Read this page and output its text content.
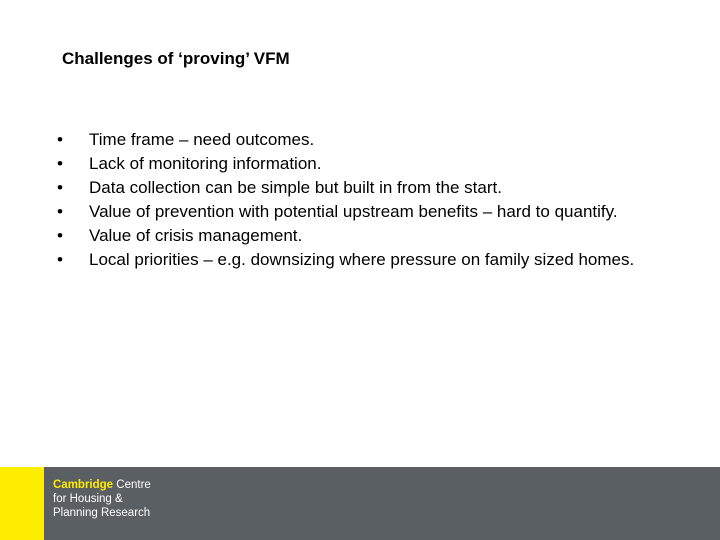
Challenges of ‘proving’ VFM
•	Time frame – need outcomes.
•	Lack of monitoring information.
•	Data collection can be simple but built in from the start.
•	Value of prevention with potential upstream benefits – hard to quantify.
•	Value of crisis management.
•	Local priorities – e.g. downsizing where pressure on family sized homes.
Cambridge Centre
for Housing &
Planning Research
